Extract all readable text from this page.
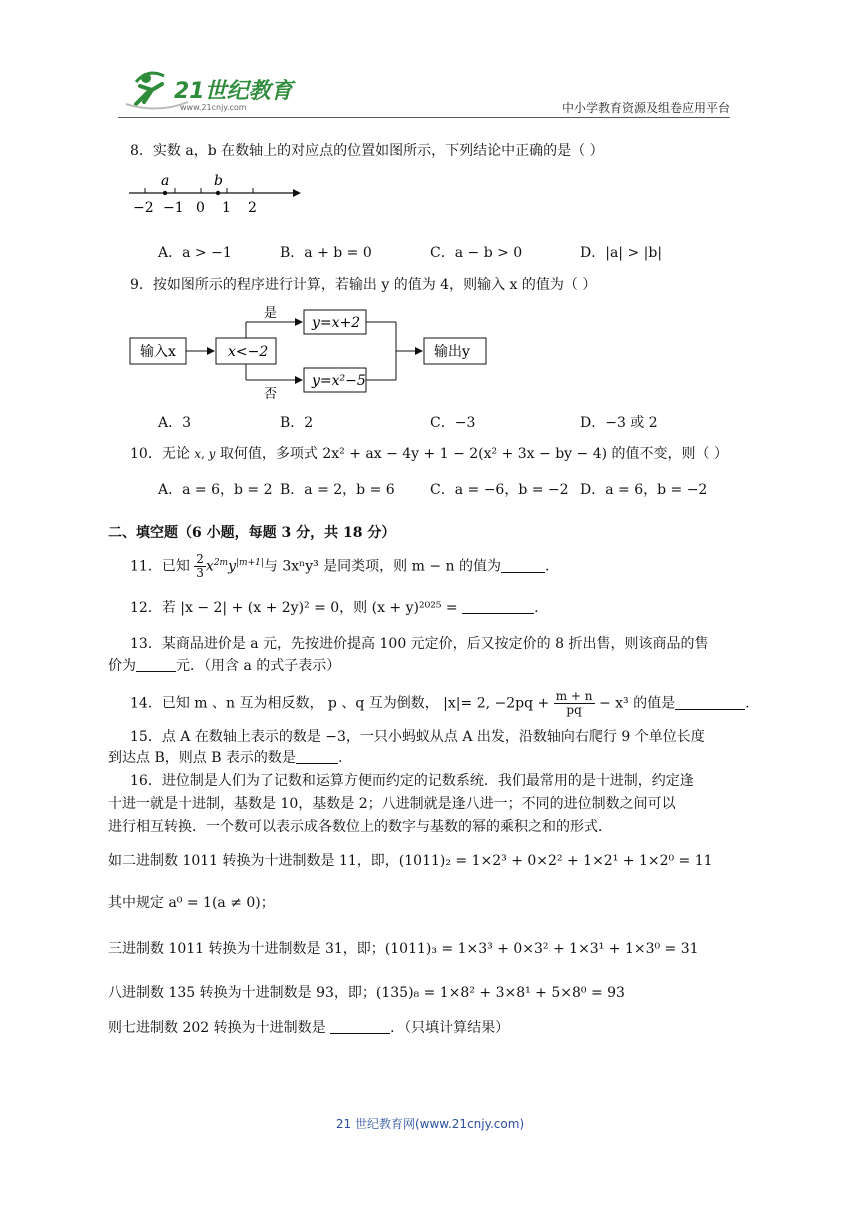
21世纪教育
www.21cnjy.com	中小学教育资源及组卷应用平台
8．实数 a，b 在数轴上的对应点的位置如图所示，下列结论中正确的是（ ）
a	b
−2 −1 0 1 2
A．a > −1	B．a + b = 0	C．a − b > 0	D．|a| > |b|
9．按如图所示的程序进行计算，若输出 y 的值为 4，则输入 x 的值为（ ）
输入x	x<−2
是
否
y=x+2
y=x²−5
输出y
A．3	B．2	C．−3	D．−3 或 2
10．无论 x, y 取何值，多项式 2x² + ax − 4y + 1 − 2(x² + 3x − by − 4) 的值不变，则（ ）
A．a = 6，b = 2 B．a = 2，b = 6	C．a = −6，b = −2 D．a = 6，b = −2
二、填空题（6 小题，每题 3 分，共 18 分）
11．已知 $\frac{2}{3} x^{2m}y^{|m+1|}$与 3xⁿy³ 是同类项，则 m − n 的值为	.
12．若 |x − 2| + (x + 2y)² = 0，则 (x + y)²⁰²⁵ =	.
13．某商品进价是 a 元，先按进价提高 100 元定价，后又按定价的 8 折出售，则该商品的售
价为	元．（用含 a 的式子表示）
14．已知 m 、n 互为相反数， p 、q 互为倒数， |x|= 2, $-2pq + \frac{m + n}{pq} - x^3$ 的值是	.
15．点 A 在数轴上表示的数是 −3，一只小蚂蚁从点 A 出发，沿数轴向右爬行 9 个单位长度
到达点 B，则点 B 表示的数是	.
16．进位制是人们为了记数和运算方便而约定的记数系统．我们最常用的是十进制，约定逢
十进一就是十进制，基数是 10，基数是 2；八进制就是逢八进一；不同的进位制数之间可以
进行相互转换．一个数可以表示成各数位上的数字与基数的幂的乘积之和的形式．
如二进制数 1011 转换为十进制数是 11，即，(1011)₂ = 1×2³ + 0×2² + 1×2¹ + 1×2⁰ = 11
其中规定 a⁰ = 1(a ≠ 0)；
三进制数 1011 转换为十进制数是 31，即；(1011)₃ = 1×3³ + 0×3² + 1×3¹ + 1×3⁰ = 31
八进制数 135 转换为十进制数是 93，即；(135)₈ = 1×8² + 3×8¹ + 5×8⁰ = 93
则七进制数 202 转换为十进制数是	．（只填计算结果）
21 世纪教育网(www.21cnjy.com)
